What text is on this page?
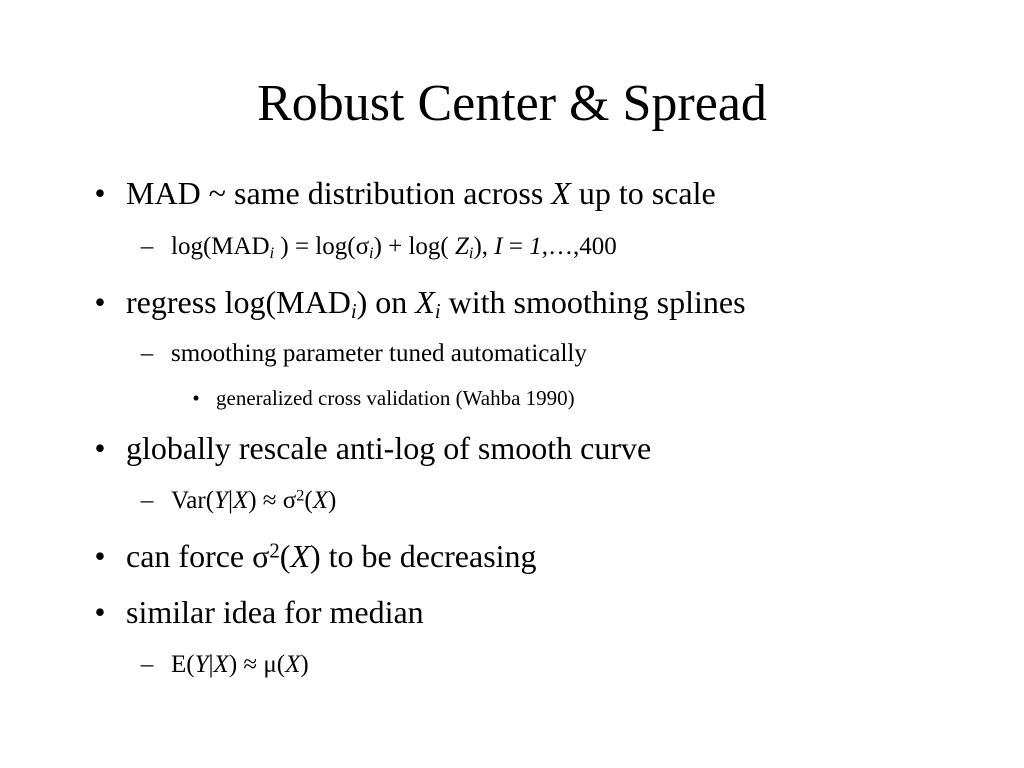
Robust Center & Spread
• MAD ~ same distribution across X up to scale
– $\log(MAD_i$ ) = $\log(\sigma_i) + \log$( $Z_i$), I = 1,…,400
• regress $\log(MAD_i)$ on $X_i$ with smoothing splines
– smoothing parameter tuned automatically
• generalized cross validation (Wahba 1990)
• globally rescale anti-log of smooth curve
– $Var(Y|X) \approx \sigma^2(X)$
• can force $\sigma^2(X)$ to be decreasing
• similar idea for median
– E(Y|X) ≈ μ(X)
